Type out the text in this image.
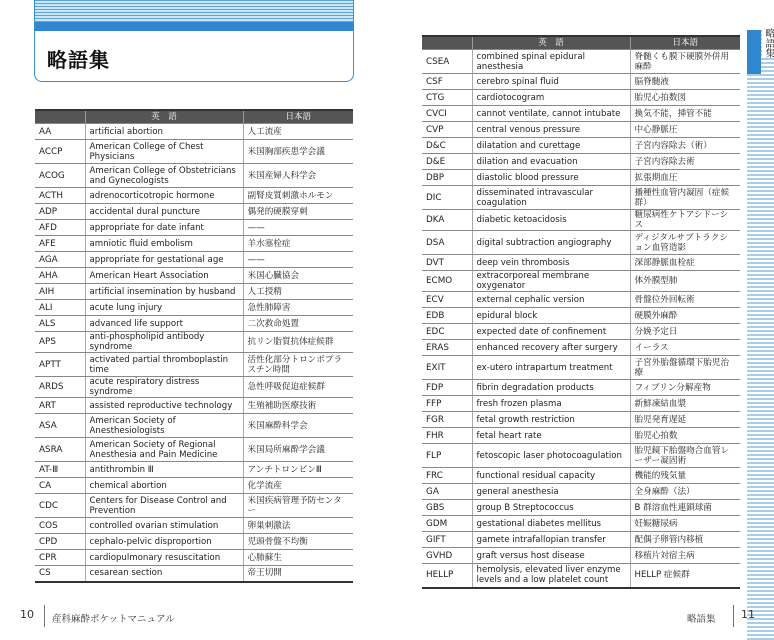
略語集
	英　語	日本語
AA	artificial abortion	人工流産
ACCP	American College of Chest Physicians	米国胸部疾患学会議
ACOG	American College of Obstetricians and Gynecologists	米国産婦人科学会
ACTH	adrenocorticotropic hormone	副腎皮質刺激ホルモン
ADP	accidental dural puncture	偶発的硬膜穿刺
AFD	appropriate for date infant	——
AFE	amniotic fluid embolism	羊水塞栓症
AGA	appropriate for gestational age	——
AHA	American Heart Association	米国心臓協会
AIH	artificial insemination by husband	人工授精
ALI	acute lung injury	急性肺障害
ALS	advanced life support	二次救命処置
APS	anti-phospholipid antibody syndrome	抗リン脂質抗体症候群
APTT	activated partial thromboplastin time	活性化部分トロンボプラスチン時間
ARDS	acute respiratory distress syndrome	急性呼吸促迫症候群
ART	assisted reproductive technology	生殖補助医療技術
ASA	American Society of Anesthesiologists	米国麻酔科学会
ASRA	American Society of Regional Anesthesia and Pain Medicine	米国局所麻酔学会議
AT-Ⅲ	antithrombin Ⅲ	アンチトロンビンⅢ
CA	chemical abortion	化学流産
CDC	Centers for Disease Control and Prevention	米国疾病管理予防センター
COS	controlled ovarian stimulation	卵巣刺激法
CPD	cephalo-pelvic disproportion	児頭骨盤不均衡
CPR	cardiopulmonary resuscitation	心肺蘇生
CS	cesarean section	帝王切開
10 産科麻酔ポケットマニュアル
	英　語	日本語
CSEA	combined spinal epidural anesthesia	脊髄くも膜下硬膜外併用麻酔
CSF	cerebro spinal fluid	脳脊髄液
CTG	cardiotocogram	胎児心拍数図
CVCI	cannot ventilate, cannot intubate	換気不能，挿管不能
CVP	central venous pressure	中心静脈圧
D&C	dilatation and curettage	子宮内容除去（術）
D&E	dilation and evacuation	子宮内容除去術
DBP	diastolic blood pressure	拡張期血圧
DIC	disseminated intravascular coagulation	播種性血管内凝固（症候群）
DKA	diabetic ketoacidosis	糖尿病性ケトアシドーシス
DSA	digital subtraction angiography	ディジタルサブトラクション血管造影
DVT	deep vein thrombosis	深部静脈血栓症
ECMO	extracorporeal membrane oxygenator	体外膜型肺
ECV	external cephalic version	骨盤位外回転術
EDB	epidural block	硬膜外麻酔
EDC	expected date of confinement	分娩予定日
ERAS	enhanced recovery after surgery	イーラス
EXIT	ex-utero intrapartum treatment	子宮外胎盤循環下胎児治療
FDP	fibrin degradation products	フィブリン分解産物
FFP	fresh frozen plasma	新鮮凍結血漿
FGR	fetal growth restriction	胎児発育遅延
FHR	fetal heart rate	胎児心拍数
FLP	fetoscopic laser photocoagulation	胎児鏡下胎盤吻合血管レーザー凝固術
FRC	functional residual capacity	機能的残気量
GA	general anesthesia	全身麻酔（法）
GBS	group B Streptococcus	B 群溶血性連鎖球菌
GDM	gestational diabetes mellitus	妊娠糖尿病
GIFT	gamete intrafallopian transfer	配偶子卵管内移植
GVHD	graft versus host disease	移植片対宿主病
HELLP	hemolysis, elevated liver enzyme levels and a low platelet count	HELLP 症候群
略語集
略語集 11
